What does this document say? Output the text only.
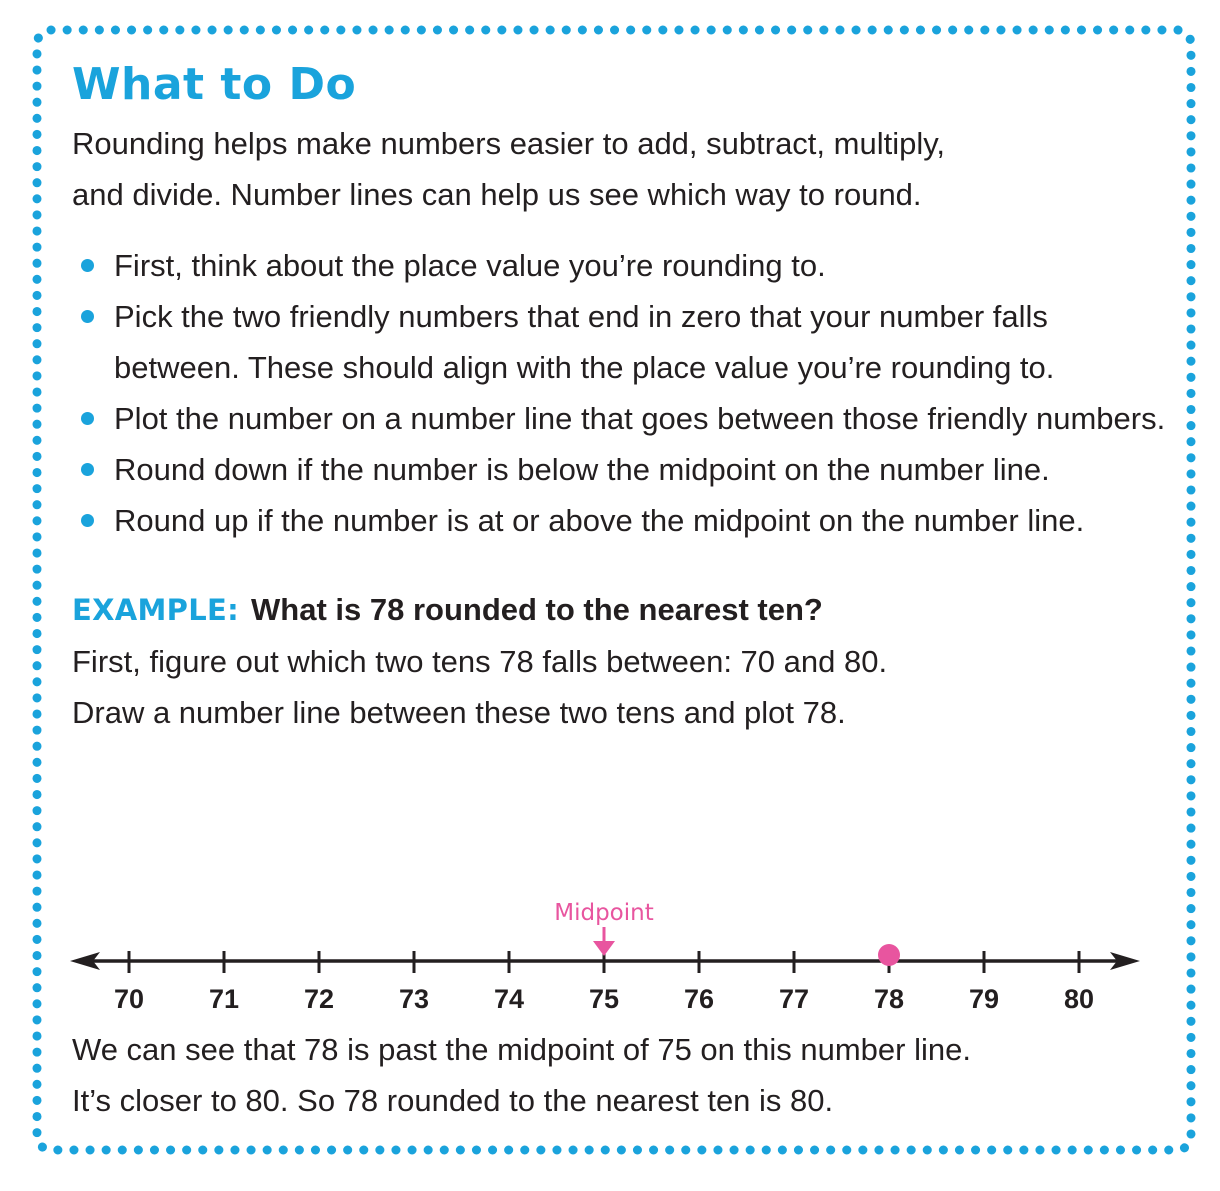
What to Do

Rounding helps make numbers easier to add, subtract, multiply,

and divide. Number lines can help us see which way to round.

First, think about the place value you’re rounding to.
Pick the two friendly numbers that end in zero that your number falls between. These should align with the place value you’re rounding to.
Plot the number on a number line that goes between those friendly numbers.
Round down if the number is below the midpoint on the number line.
Round up if the number is at or above the midpoint on the number line.
EXAMPLE: What is 78 rounded to the nearest ten?

First, figure out which two tens 78 falls between: 70 and 80.

Draw a number line between these two tens and plot 78.

70 71 72 73 74 75 76 77 78 79 80
Midpoint

We can see that 78 is past the midpoint of 75 on this number line.

It’s closer to 80. So 78 rounded to the nearest ten is 80.
